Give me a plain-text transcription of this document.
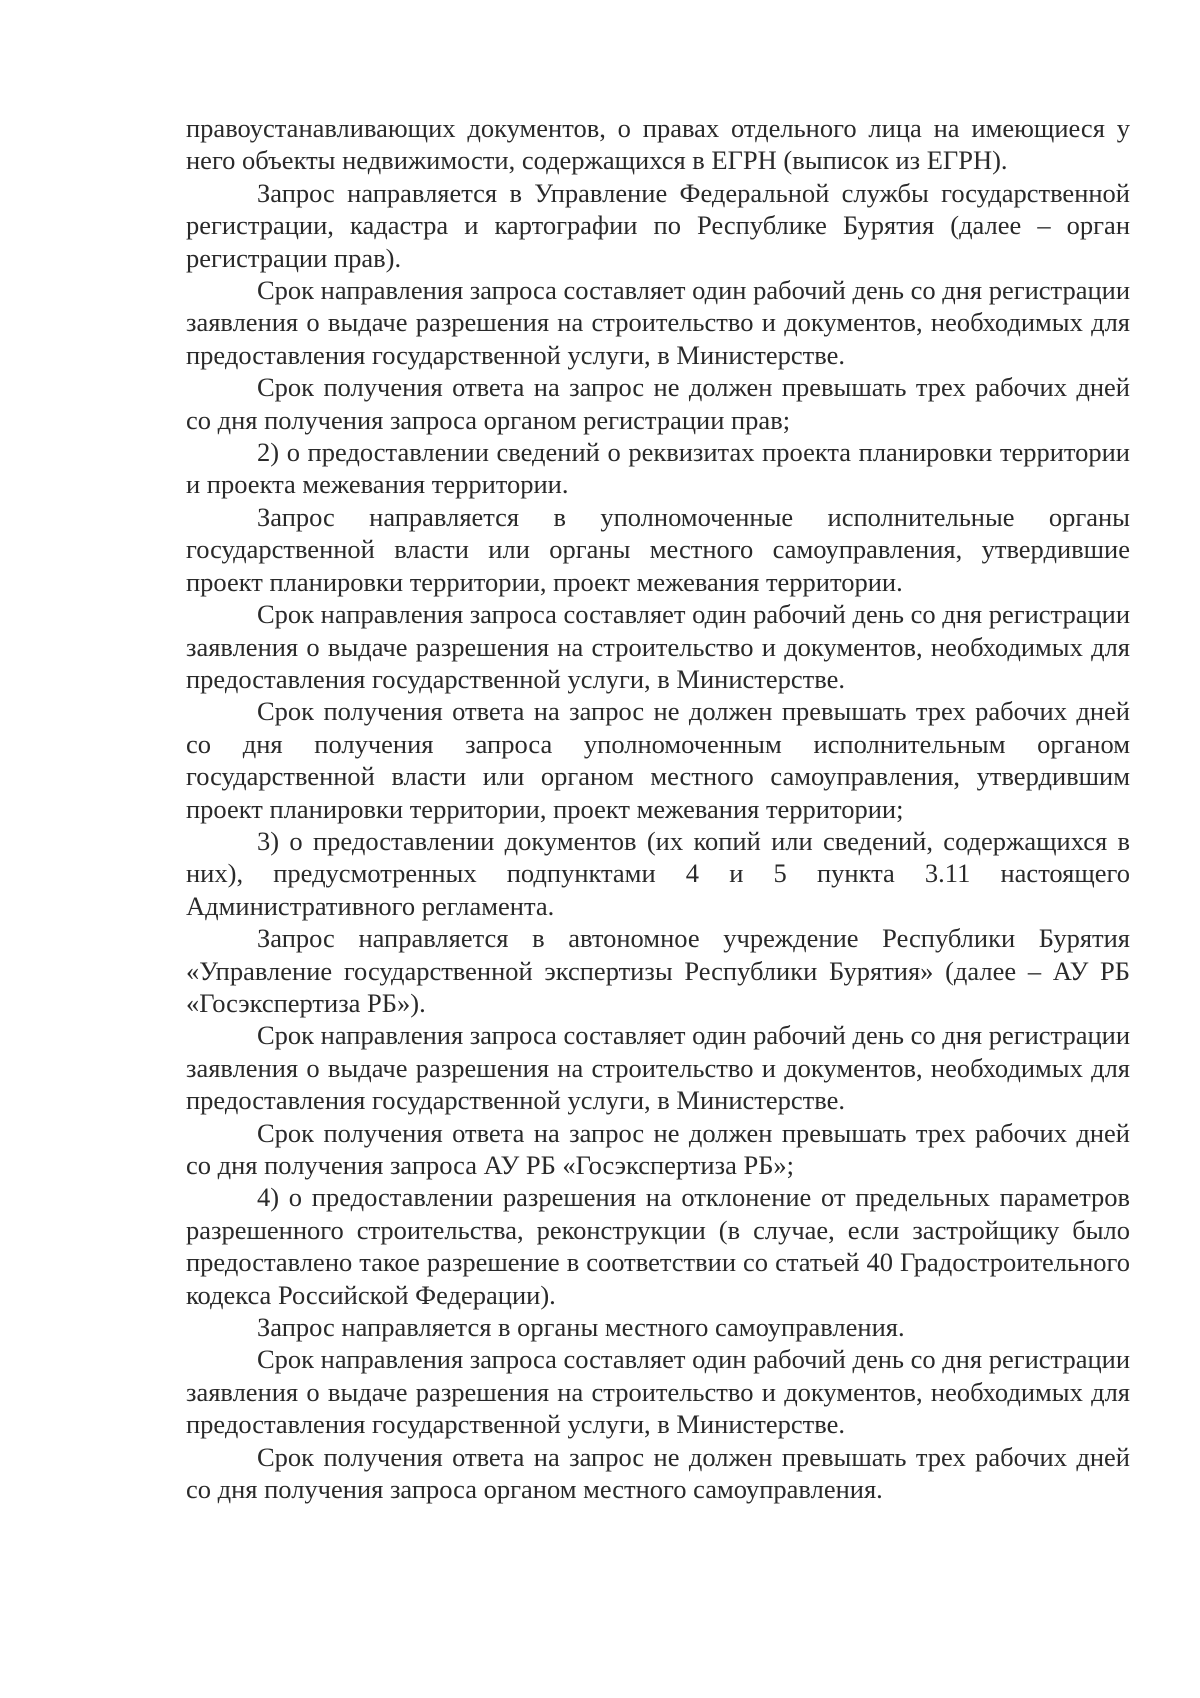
правоустанавливающих документов, о правах отдельного лица на имеющиеся у него объекты недвижимости, содержащихся в ЕГРН (выписок из ЕГРН).

Запрос направляется в Управление Федеральной службы государственной регистрации, кадастра и картографии по Республике Бурятия (далее – орган регистрации прав).

Срок направления запроса составляет один рабочий день со дня регистрации заявления о выдаче разрешения на строительство и документов, необходимых для предоставления государственной услуги, в Министерстве.

Срок получения ответа на запрос не должен превышать трех рабочих дней со дня получения запроса органом регистрации прав;

2) о предоставлении сведений о реквизитах проекта планировки территории и проекта межевания территории.

Запрос направляется в уполномоченные исполнительные органы государственной власти или органы местного самоуправления, утвердившие проект планировки территории, проект межевания территории.

Срок направления запроса составляет один рабочий день со дня регистрации заявления о выдаче разрешения на строительство и документов, необходимых для предоставления государственной услуги, в Министерстве.

Срок получения ответа на запрос не должен превышать трех рабочих дней со дня получения запроса уполномоченным исполнительным органом государственной власти или органом местного самоуправления, утвердившим проект планировки территории, проект межевания территории;

3) о предоставлении документов (их копий или сведений, содержащихся в них), предусмотренных подпунктами 4 и 5 пункта 3.11 настоящего Административного регламента.

Запрос направляется в автономное учреждение Республики Бурятия «Управление государственной экспертизы Республики Бурятия» (далее – АУ РБ «Госэкспертиза РБ»).

Срок направления запроса составляет один рабочий день со дня регистрации заявления о выдаче разрешения на строительство и документов, необходимых для предоставления государственной услуги, в Министерстве.

Срок получения ответа на запрос не должен превышать трех рабочих дней со дня получения запроса АУ РБ «Госэкспертиза РБ»;

4) о предоставлении разрешения на отклонение от предельных параметров разрешенного строительства, реконструкции (в случае, если застройщику было предоставлено такое разрешение в соответствии со статьей 40 Градостроительного кодекса Российской Федерации).

Запрос направляется в органы местного самоуправления.

Срок направления запроса составляет один рабочий день со дня регистрации заявления о выдаче разрешения на строительство и документов, необходимых для предоставления государственной услуги, в Министерстве.

Срок получения ответа на запрос не должен превышать трех рабочих дней со дня получения запроса органом местного самоуправления.
